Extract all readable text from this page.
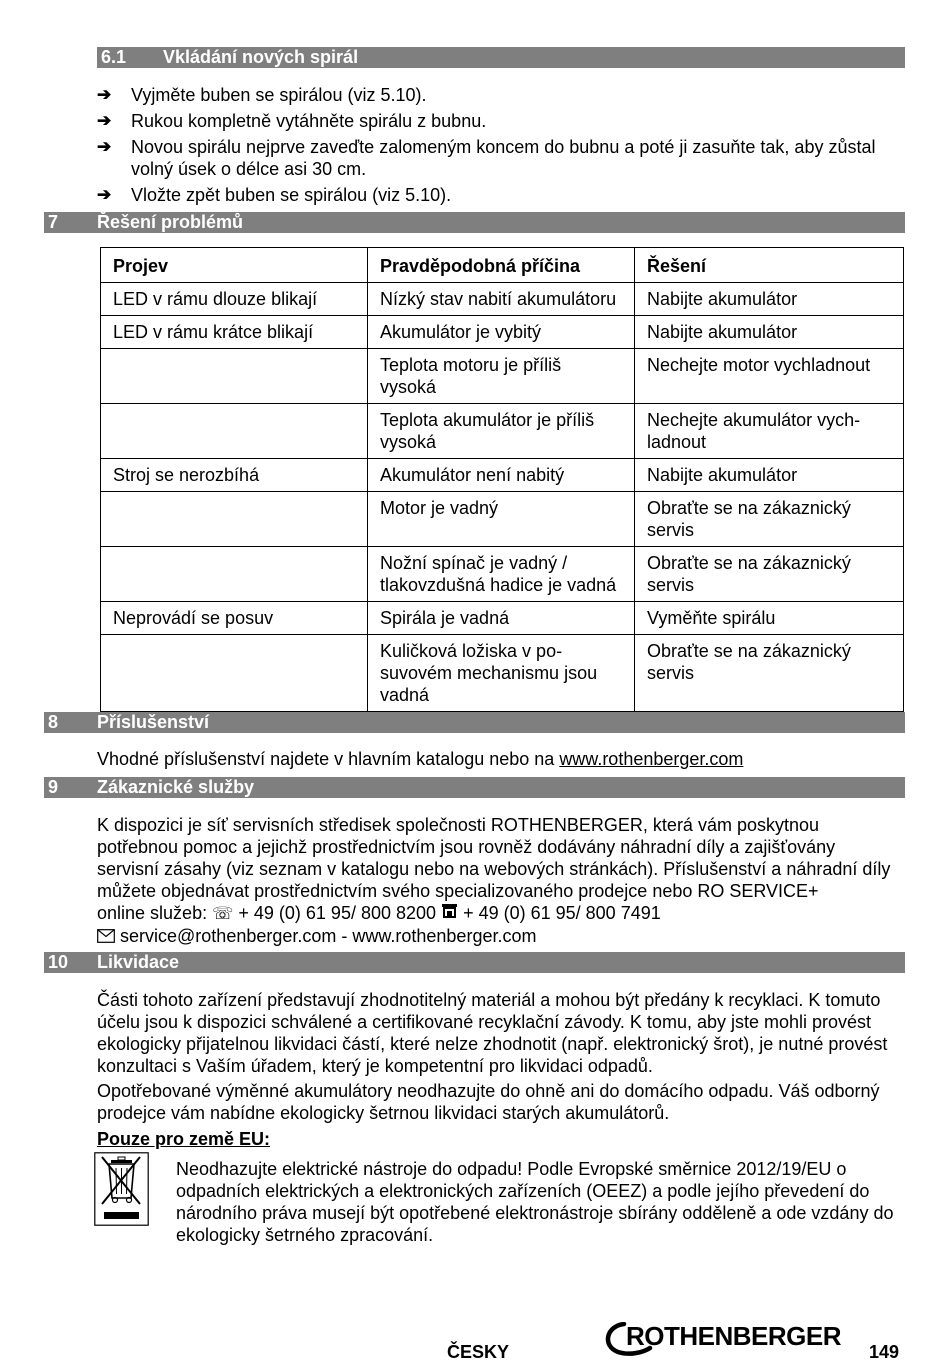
6.1 Vkládání nových spirál
➔ Vyjměte buben se spirálou (viz 5.10).
➔ Rukou kompletně vytáhněte spirálu z bubnu.
➔ Novou spirálu nejprve zaveďte zalomeným koncem do bubnu a poté ji zasuňte tak, aby zůstal volný úsek o délce asi 30 cm.
➔ Vložte zpět buben se spirálou (viz 5.10).
7 Řešení problémů
Projev	Pravděpodobná příčina	Řešení
LED v rámu dlouze blikají	Nízký stav nabití akumulátoru	Nabijte akumulátor
LED v rámu krátce blikají	Akumulátor je vybitý	Nabijte akumulátor
	Teplota motoru je příliš vysoká	Nechejte motor vychladnout
	Teplota akumulátor je příliš vysoká	Nechejte akumulátor vych-ladnout
Stroj se nerozbíhá	Akumulátor není nabitý	Nabijte akumulátor
	Motor je vadný	Obraťte se na zákaznický servis
	Nožní spínač je vadný / tlakovzdušná hadice je vadná	Obraťte se na zákaznický servis
Neprovádí se posuv	Spirála je vadná	Vyměňte spirálu
	Kuličková ložiska v po-suvovém mechanismu jsou vadná	Obraťte se na zákaznický servis
8 Příslušenství
Vhodné příslušenství najdete v hlavním katalogu nebo na www.rothenberger.com
9 Zákaznické služby
K dispozici je síť servisních středisek společnosti ROTHENBERGER, která vám poskytnou potřebnou pomoc a jejichž prostřednictvím jsou rovněž dodávány náhradní díly a zajišťovány servisní zásahy (viz seznam v katalogu nebo na webových stránkách). Příslušenství a náhradní díly můžete objednávat prostřednictvím svého specializovaného prodejce nebo RO SERVICE+
online služeb: ☏ + 49 (0) 61 95/ 800 8200 + 49 (0) 61 95/ 800 7491
service@rothenberger.com - www.rothenberger.com
10 Likvidace
Části tohoto zařízení představují zhodnotitelný materiál a mohou být předány k recyklaci. K tomuto účelu jsou k dispozici schválené a certifikované recyklační závody. K tomu, aby jste mohli provést ekologicky přijatelnou likvidaci částí, které nelze zhodnotit (např. elektronický šrot), je nutné provést konzultaci s Vaším úřadem, který je kompetentní pro likvidaci odpadů.
Opotřebované výměnné akumulátory neodhazujte do ohně ani do domácího odpadu. Váš odborný prodejce vám nabídne ekologicky šetrnou likvidaci starých akumulátorů.
Pouze pro země EU:
Neodhazujte elektrické nástroje do odpadu! Podle Evropské směrnice 2012/19/EU o odpadních elektrických a elektronických zařízeních (OEEZ) a podle jejího převedení do národního práva musejí být opotřebené elektronástroje sbírány odděleně a ode vzdány do ekologicky šetrného zpracování.
ČESKY
ROTHENBERGER
149
